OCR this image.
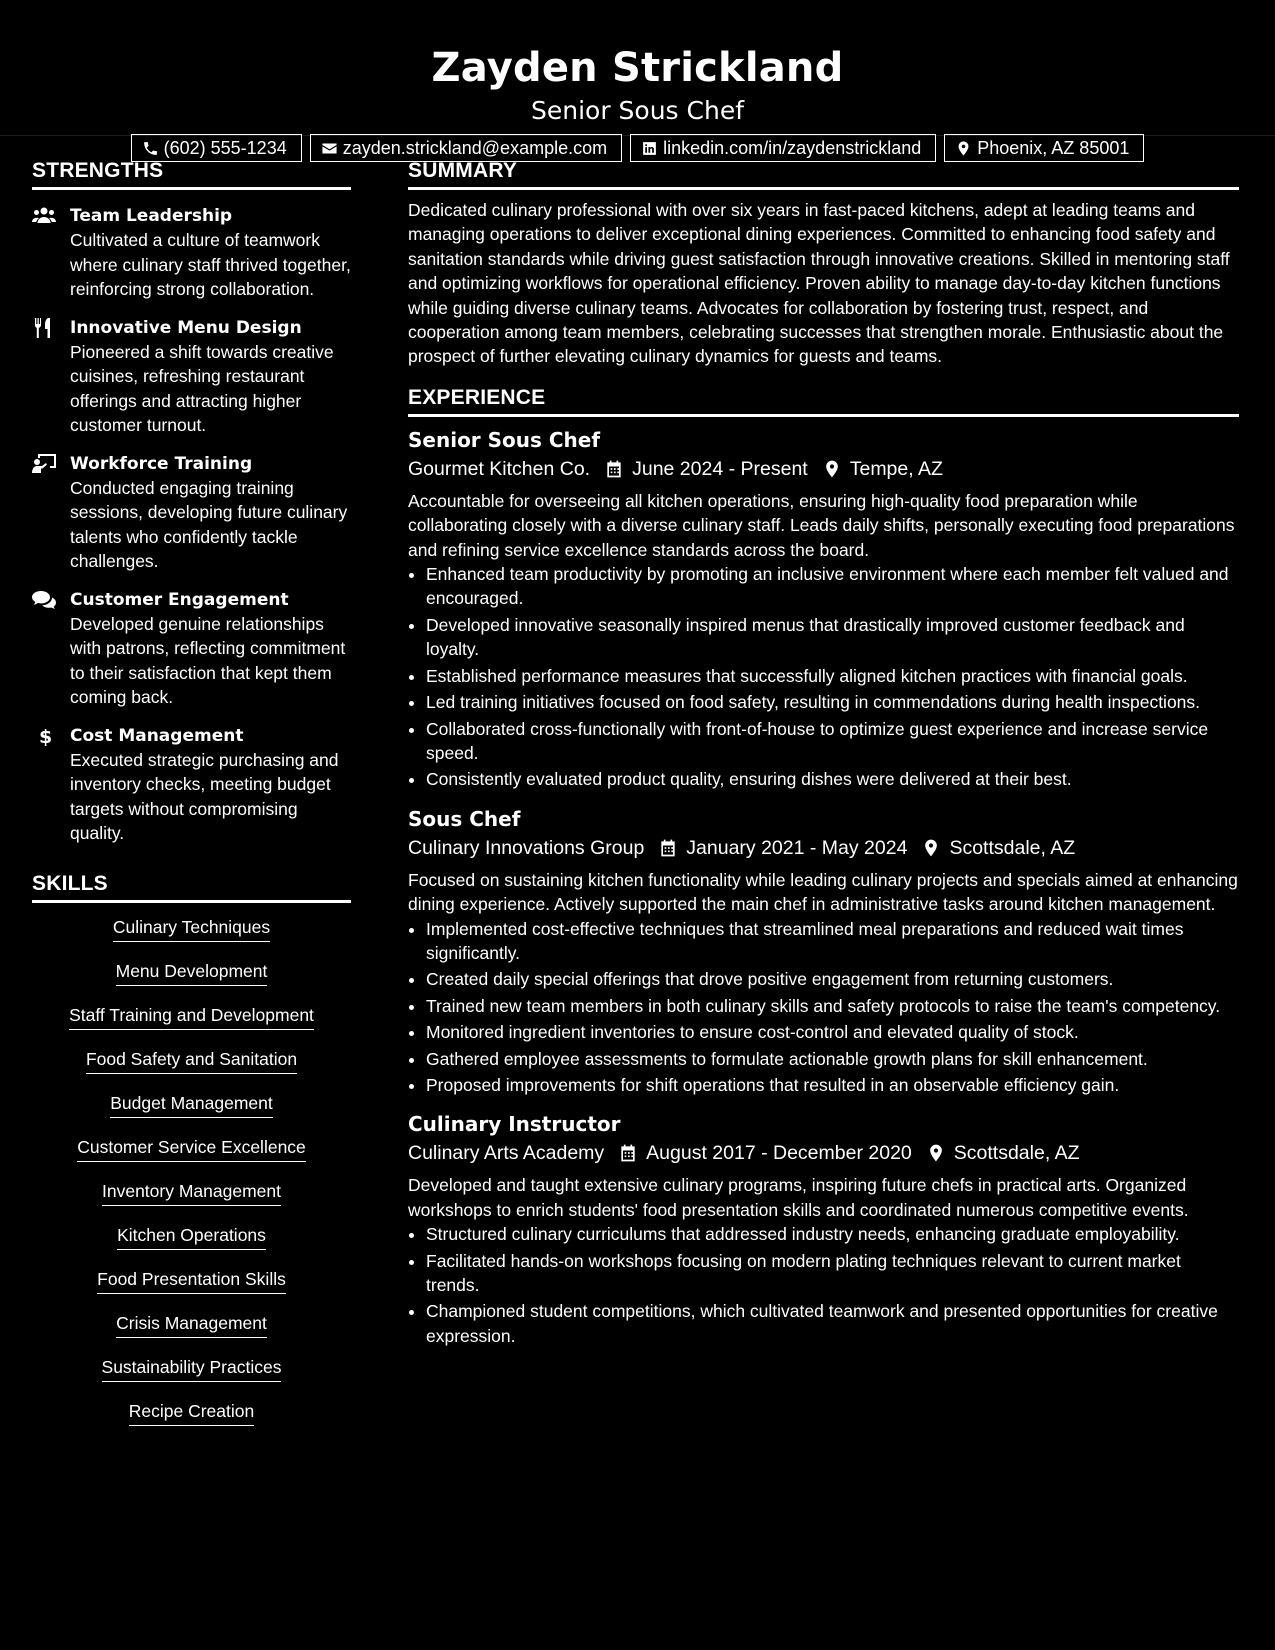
Zayden Strickland
Senior Sous Chef
(602) 555-1234	zayden.strickland@example.com	linkedin.com/in/zaydenstrickland	Phoenix, AZ 85001
STRENGTHS
Team Leadership
Cultivated a culture of teamwork where culinary staff thrived together, reinforcing strong collaboration.
Innovative Menu Design
Pioneered a shift towards creative cuisines, refreshing restaurant offerings and attracting higher customer turnout.
Workforce Training
Conducted engaging training sessions, developing future culinary talents who confidently tackle challenges.
Customer Engagement
Developed genuine relationships with patrons, reflecting commitment to their satisfaction that kept them coming back.
$ Cost Management
Executed strategic purchasing and inventory checks, meeting budget targets without compromising quality.
SKILLS
Culinary Techniques
Menu Development
Staff Training and Development
Food Safety and Sanitation
Budget Management
Customer Service Excellence
Inventory Management
Kitchen Operations
Food Presentation Skills
Crisis Management
Sustainability Practices
Recipe Creation
SUMMARY
Dedicated culinary professional with over six years in fast-paced kitchens, adept at leading teams and managing operations to deliver exceptional dining experiences. Committed to enhancing food safety and sanitation standards while driving guest satisfaction through innovative creations. Skilled in mentoring staff and optimizing workflows for operational efficiency. Proven ability to manage day-to-day kitchen functions while guiding diverse culinary teams. Advocates for collaboration by fostering trust, respect, and cooperation among team members, celebrating successes that strengthen morale. Enthusiastic about the prospect of further elevating culinary dynamics for guests and teams.
EXPERIENCE
Senior Sous Chef
Gourmet Kitchen Co. June 2024 - Present Tempe, AZ
Accountable for overseeing all kitchen operations, ensuring high-quality food preparation while collaborating closely with a diverse culinary staff. Leads daily shifts, personally executing food preparations and refining service excellence standards across the board.
• Enhanced team productivity by promoting an inclusive environment where each member felt valued and encouraged.
• Developed innovative seasonally inspired menus that drastically improved customer feedback and loyalty.
• Established performance measures that successfully aligned kitchen practices with financial goals.
• Led training initiatives focused on food safety, resulting in commendations during health inspections.
• Collaborated cross-functionally with front-of-house to optimize guest experience and increase service speed.
• Consistently evaluated product quality, ensuring dishes were delivered at their best.
Sous Chef
Culinary Innovations Group January 2021 - May 2024 Scottsdale, AZ
Focused on sustaining kitchen functionality while leading culinary projects and specials aimed at enhancing dining experience. Actively supported the main chef in administrative tasks around kitchen management.
• Implemented cost-effective techniques that streamlined meal preparations and reduced wait times significantly.
• Created daily special offerings that drove positive engagement from returning customers.
• Trained new team members in both culinary skills and safety protocols to raise the team's competency.
• Monitored ingredient inventories to ensure cost-control and elevated quality of stock.
• Gathered employee assessments to formulate actionable growth plans for skill enhancement.
• Proposed improvements for shift operations that resulted in an observable efficiency gain.
Culinary Instructor
Culinary Arts Academy August 2017 - December 2020 Scottsdale, AZ
Developed and taught extensive culinary programs, inspiring future chefs in practical arts. Organized workshops to enrich students' food presentation skills and coordinated numerous competitive events.
• Structured culinary curriculums that addressed industry needs, enhancing graduate employability.
• Facilitated hands-on workshops focusing on modern plating techniques relevant to current market trends.
• Championed student competitions, which cultivated teamwork and presented opportunities for creative expression.
